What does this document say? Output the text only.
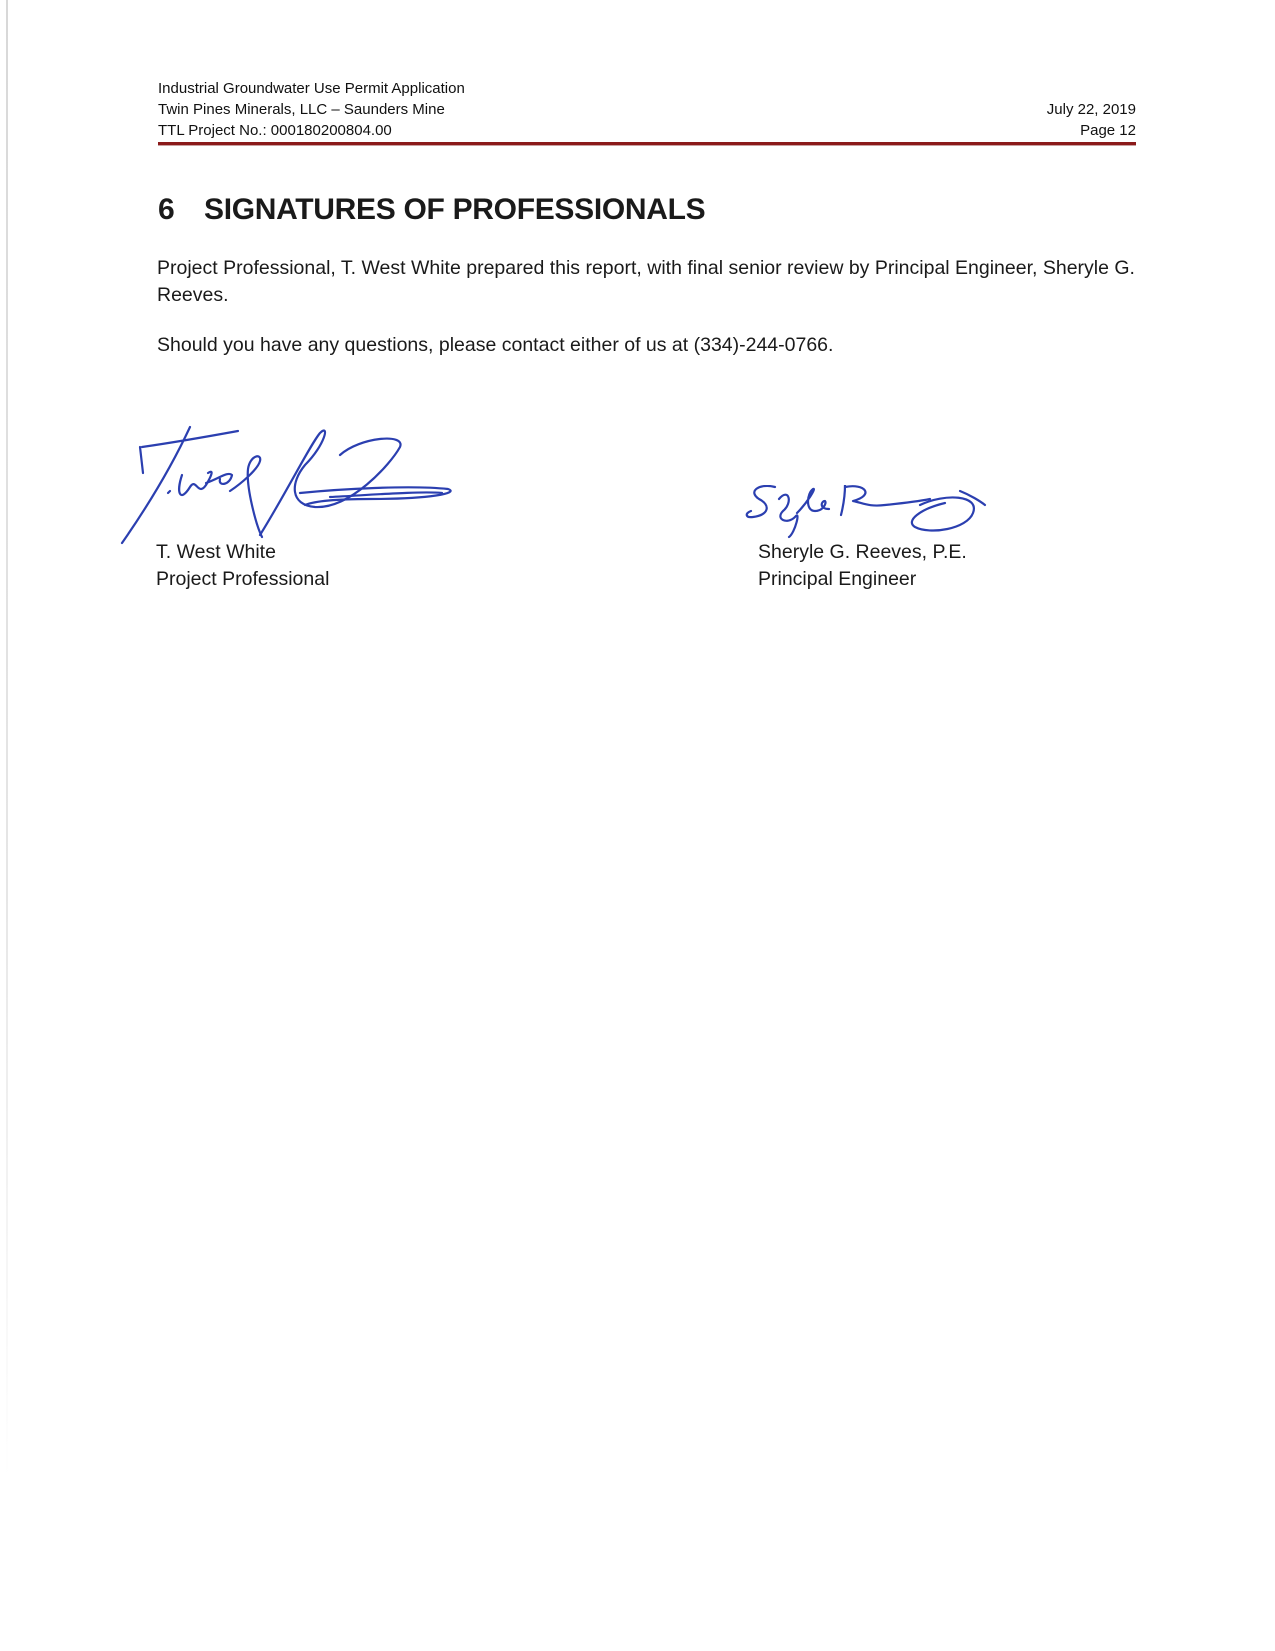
Industrial Groundwater Use Permit Application
Twin Pines Minerals, LLC – Saunders Mine
TTL Project No.: 000180200804.00
July 22, 2019
Page 12
6 SIGNATURES OF PROFESSIONALS
Project Professional, T. West White prepared this report, with final senior review by Principal Engineer, Sheryle G. Reeves.
Should you have any questions, please contact either of us at (334)-244-0766.
T. West White
Project Professional
Sheryle G. Reeves, P.E.
Principal Engineer
